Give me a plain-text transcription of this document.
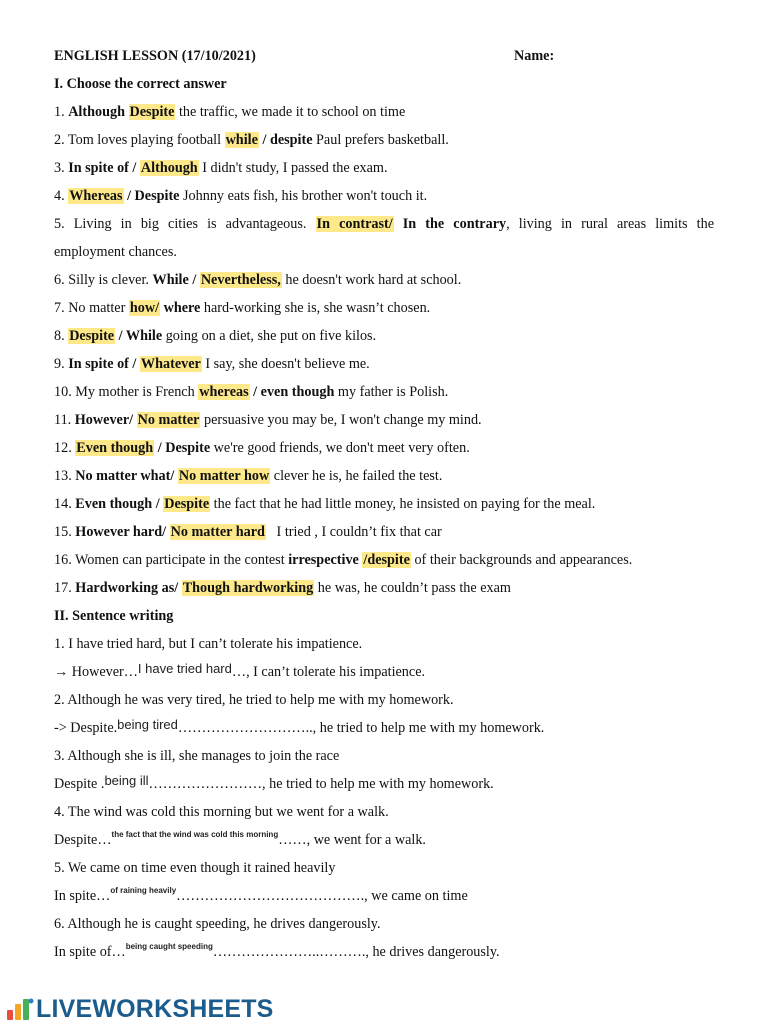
ENGLISH LESSON (17/10/2021)	Name:
I. Choose the correct answer
1. Although Despite the traffic, we made it to school on time
2. Tom loves playing football while / despite Paul prefers basketball.
3. In spite of / Although I didn't study, I passed the exam.
4. Whereas / Despite Johnny eats fish, his brother won't touch it.
5. Living in big cities is advantageous. In contrast/ In the contrary, living in rural areas limits the
employment chances.
6. Silly is clever. While / Nevertheless, he doesn't work hard at school.
7. No matter how/ where hard-working she is, she wasn’t chosen.
8. Despite / While going on a diet, she put on five kilos.
9. In spite of / Whatever I say, she doesn't believe me.
10. My mother is French whereas / even though my father is Polish.
11. However/ No matter persuasive you may be, I won't change my mind.
12. Even though / Despite we're good friends, we don't meet very often.
13. No matter what/ No matter how clever he is, he failed the test.
14. Even though / Despite the fact that he had little money, he insisted on paying for the meal.
15. However hard/ No matter hard   I tried , I couldn’t fix that car
16. Women can participate in the contest irrespective /despite of their backgrounds and appearances.
17. Hardworking as/ Though hardworking he was, he couldn’t pass the exam
II. Sentence writing
1. I have tried hard, but I can’t tolerate his impatience.
→ However…I have tried hard…, I can’t tolerate his impatience.
2. Although he was very tired, he tried to help me with my homework.
-> Despite.being tired……………………….., he tried to help me with my homework.
3. Although she is ill, she manages to join the race
Despite .being ill……………………, he tried to help me with my homework.
4. The wind was cold this morning but we went for a walk.
Despite…$^{the fact that the wind was cold this morning}$……, we went for a walk.
5. We came on time even though it rained heavily
In spite…$^{of raining heavily}$…………………………………., we came on time
6. Although he is caught speeding, he drives dangerously.
In spite of…$^{being caught speeding}$…………………..………., he drives dangerously.
LIVEWORKSHEETS
